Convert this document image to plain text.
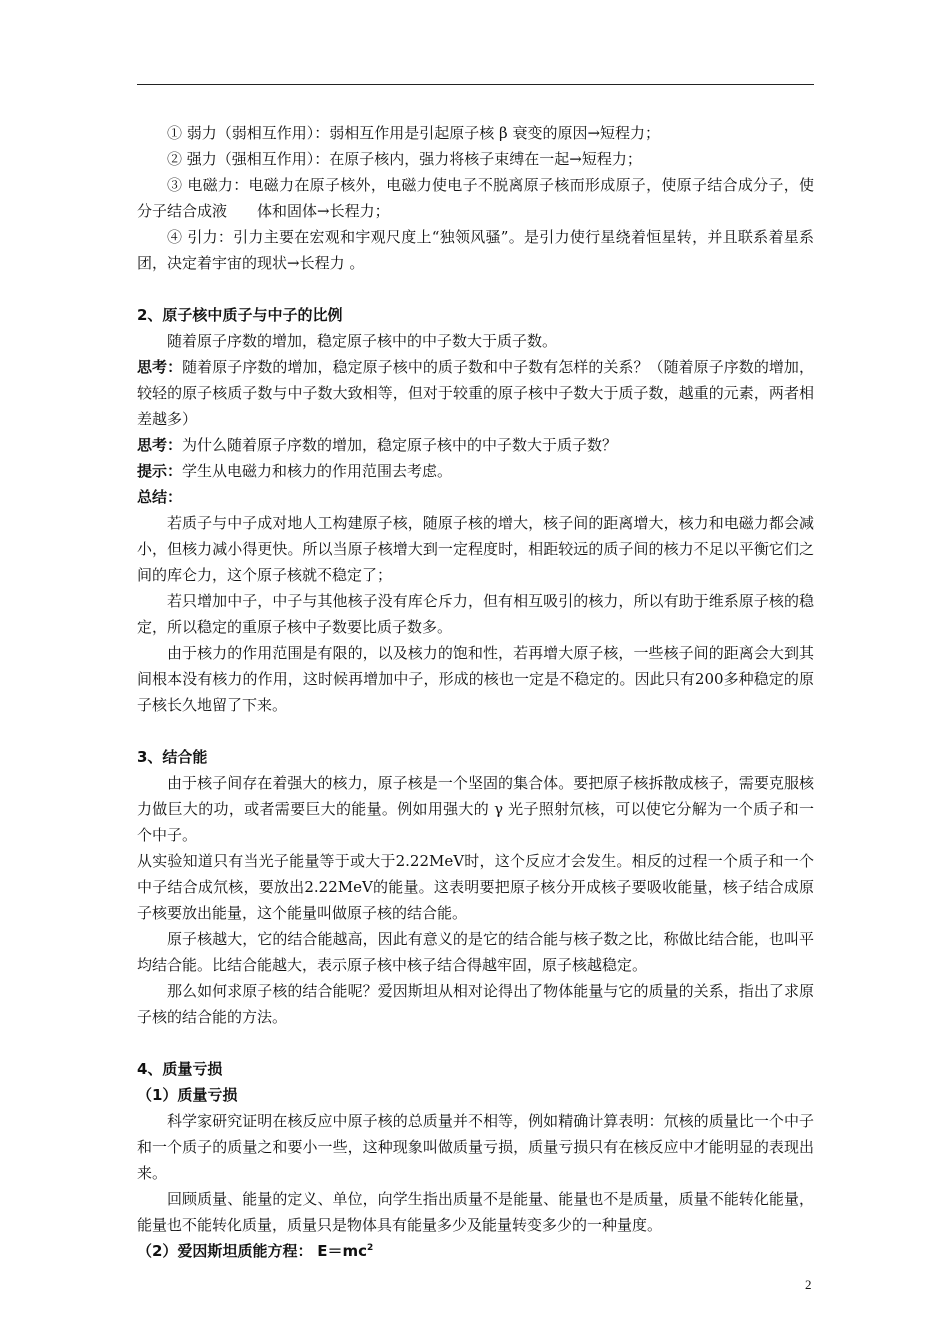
① 弱力（弱相互作用）：弱相互作用是引起原子核 β 衰变的原因→短程力；

② 强力（强相互作用）：在原子核内，强力将核子束缚在一起→短程力；

③ 电磁力：电磁力在原子核外，电磁力使电子不脱离原子核而形成原子，使原子结合成分子，使分子结合成液　　体和固体→长程力；

④ 引力：引力主要在宏观和宇观尺度上“独领风骚”。是引力使行星绕着恒星转，并且联系着星系团，决定着宇宙的现状→长程力 。

2、原子核中质子与中子的比例

随着原子序数的增加，稳定原子核中的中子数大于质子数。

思考：随着原子序数的增加，稳定原子核中的质子数和中子数有怎样的关系？（随着原子序数的增加，较轻的原子核质子数与中子数大致相等，但对于较重的原子核中子数大于质子数，越重的元素，两者相差越多）

思考：为什么随着原子序数的增加，稳定原子核中的中子数大于质子数？

提示：学生从电磁力和核力的作用范围去考虑。

总结：

若质子与中子成对地人工构建原子核，随原子核的增大，核子间的距离增大，核力和电磁力都会减小，但核力减小得更快。所以当原子核增大到一定程度时，相距较远的质子间的核力不足以平衡它们之间的库仑力，这个原子核就不稳定了；

若只增加中子，中子与其他核子没有库仑斥力，但有相互吸引的核力，所以有助于维系原子核的稳定，所以稳定的重原子核中子数要比质子数多。

由于核力的作用范围是有限的，以及核力的饱和性，若再增大原子核，一些核子间的距离会大到其间根本没有核力的作用，这时候再增加中子，形成的核也一定是不稳定的。因此只有200多种稳定的原子核长久地留了下来。

3、结合能

由于核子间存在着强大的核力，原子核是一个坚固的集合体。要把原子核拆散成核子，需要克服核力做巨大的功，或者需要巨大的能量。例如用强大的 γ 光子照射氘核，可以使它分解为一个质子和一个中子。

从实验知道只有当光子能量等于或大于2.22MeV时，这个反应才会发生。相反的过程一个质子和一个中子结合成氘核，要放出2.22MeV的能量。这表明要把原子核分开成核子要吸收能量，核子结合成原子核要放出能量，这个能量叫做原子核的结合能。

原子核越大，它的结合能越高，因此有意义的是它的结合能与核子数之比，称做比结合能，也叫平均结合能。比结合能越大，表示原子核中核子结合得越牢固，原子核越稳定。

那么如何求原子核的结合能呢？爱因斯坦从相对论得出了物体能量与它的质量的关系，指出了求原子核的结合能的方法。

4、质量亏损

（1）质量亏损

科学家研究证明在核反应中原子核的总质量并不相等，例如精确计算表明：氘核的质量比一个中子和一个质子的质量之和要小一些，这种现象叫做质量亏损，质量亏损只有在核反应中才能明显的表现出来。

回顾质量、能量的定义、单位，向学生指出质量不是能量、能量也不是质量，质量不能转化能量，能量也不能转化质量，质量只是物体具有能量多少及能量转变多少的一种量度。

（2）爱因斯坦质能方程： $E=mc^2$

2
